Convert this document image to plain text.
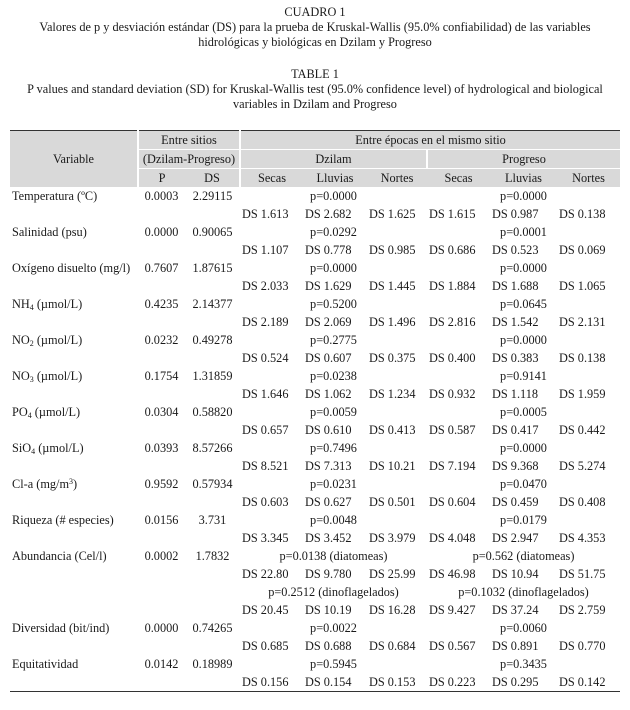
CUADRO 1
Valores de p y desviación estándar (DS) para la prueba de Kruskal-Wallis (95.0% confiabilidad) de las variables
hidrológicas y biológicas en Dzilam y Progreso
TABLE 1
P values and standard deviation (SD) for Kruskal-Wallis test (95.0% confidence level) of hydrological and biological
variables in Dzilam and Progreso
Variable	Entre sitios		Entre épocas en el mismo sitio					
	(Dzilam-Progreso)		Dzilam			Progreso		
	P	DS	Secas	Lluvias	Nortes	Secas	Lluvias	Nortes
Temperatura (ºC)	0.0003	2.29115	p=0.0000			p=0.0000		
			DS 1.613	DS 2.682	DS 1.625	DS 1.615	DS 0.987	DS 0.138
Salinidad (psu)	0.0000	0.90065	p=0.0292			p=0.0001		
			DS 1.107	DS 0.778	DS 0.985	DS 0.686	DS 0.523	DS 0.069
Oxígeno disuelto (mg/l)	0.7607	1.87615	p=0.0000			p=0.0000		
			DS 2.033	DS 1.629	DS 1.445	DS 1.884	DS 1.688	DS 1.065
$NH_4$ (µmol/L)	0.4235	2.14377	p=0.5200			p=0.0645		
			DS 2.189	DS 2.069	DS 1.496	DS 2.816	DS 1.542	DS 2.131
$NO_2$ (µmol/L)	0.0232	0.49278	p=0.2775			p=0.0000		
			DS 0.524	DS 0.607	DS 0.375	DS 0.400	DS 0.383	DS 0.138
$NO_3$ (µmol/L)	0.1754	1.31859	p=0.0238			p=0.9141		
			DS 1.646	DS 1.062	DS 1.234	DS 0.932	DS 1.118	DS 1.959
$PO_4$ (µmol/L)	0.0304	0.58820	p=0.0059			p=0.0005		
			DS 0.657	DS 0.610	DS 0.413	DS 0.587	DS 0.417	DS 0.442
SiO$_4$ (µmol/L)	0.0393	8.57266	p=0.7496			p=0.0000		
			DS 8.521	DS 7.313	DS 10.21	DS 7.194	DS 9.368	DS 5.274
Cl-a $(mg/m^3)$	0.9592	0.57934	p=0.0231			p=0.0470		
			DS 0.603	DS 0.627	DS 0.501	DS 0.604	DS 0.459	DS 0.408
Riqueza (# especies)	0.0156	3.731	p=0.0048			p=0.0179		
			DS 3.345	DS 3.452	DS 3.979	DS 4.048	DS 2.947	DS 4.353
Abundancia (Cel/l)	0.0002	1.7832	p=0.0138 (diatomeas)			p=0.562 (diatomeas)		
			DS 22.80	DS 9.780	DS 25.99	DS 46.98	DS 10.94	DS 51.75
			p=0.2512 (dinoflagelados)			p=0.1032 (dinoflagelados)		
			DS 20.45	DS 10.19	DS 16.28	DS 9.427	DS 37.24	DS 2.759
Diversidad (bit/ind)	0.0000	0.74265	p=0.0022			p=0.0060		
			DS 0.685	DS 0.688	DS 0.684	DS 0.567	DS 0.891	DS 0.770
Equitatividad	0.0142	0.18989	p=0.5945			p=0.3435		
			DS 0.156	DS 0.154	DS 0.153	DS 0.223	DS 0.295	DS 0.142
